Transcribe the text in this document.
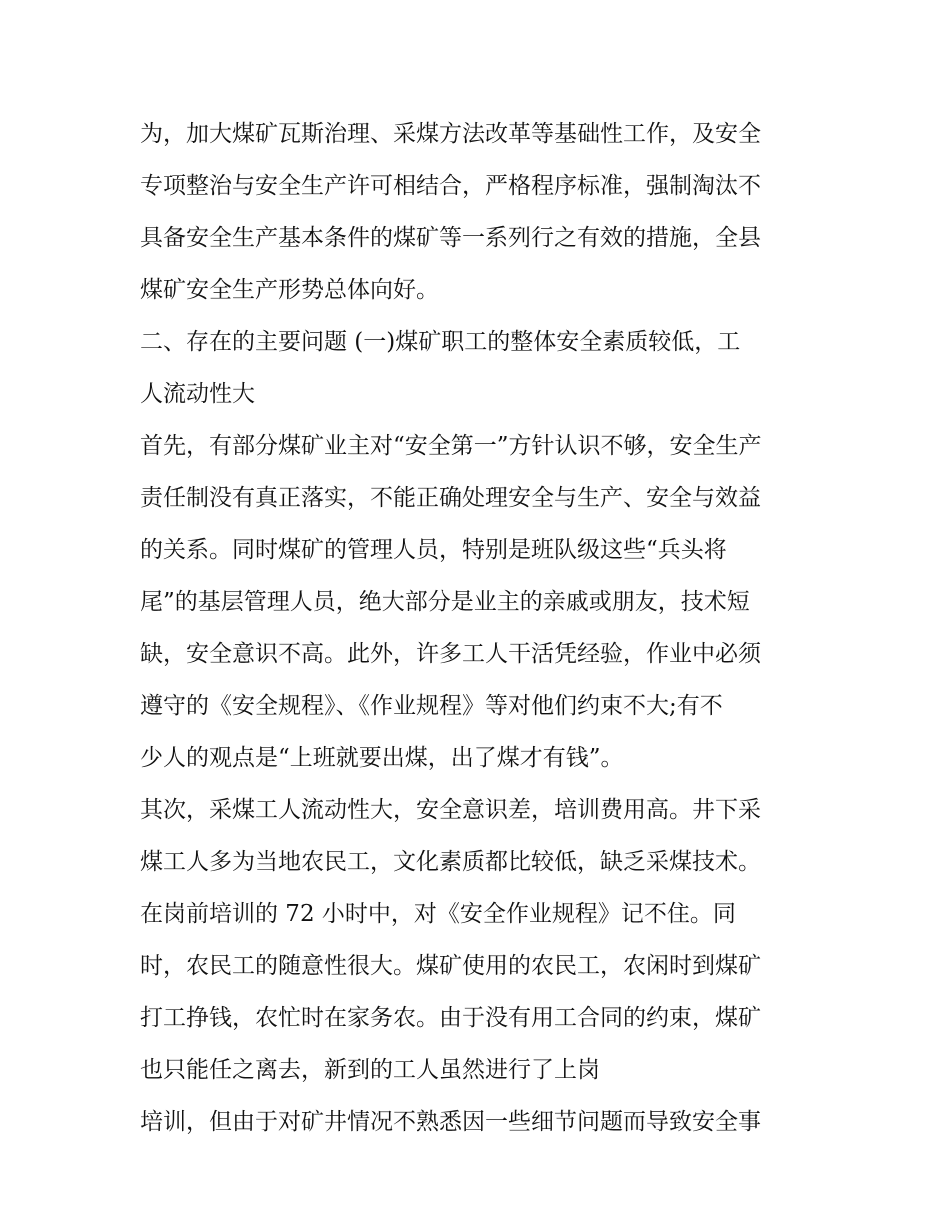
为，加大煤矿瓦斯治理、采煤方法改革等基础性工作，及安全
专项整治与安全生产许可相结合，严格程序标准，强制淘汰不
具备安全生产基本条件的煤矿等一系列行之有效的措施，全县
煤矿安全生产形势总体向好。
二、存在的主要问题 (一)煤矿职工的整体安全素质较低，工
人流动性大
首先，有部分煤矿业主对“安全第一”方针认识不够，安全生产
责任制没有真正落实，不能正确处理安全与生产、安全与效益
的关系。同时煤矿的管理人员，特别是班队级这些“兵头将
尾”的基层管理人员，绝大部分是业主的亲戚或朋友，技术短
缺，安全意识不高。此外，许多工人干活凭经验，作业中必须
遵守的《安全规程》、《作业规程》等对他们约束不大;有不
少人的观点是“上班就要出煤，出了煤才有钱”。
其次，采煤工人流动性大，安全意识差，培训费用高。井下采
煤工人多为当地农民工，文化素质都比较低，缺乏采煤技术。
在岗前培训的 72 小时中，对《安全作业规程》记不住。同
时，农民工的随意性很大。煤矿使用的农民工，农闲时到煤矿
打工挣钱，农忙时在家务农。由于没有用工合同的约束，煤矿
也只能任之离去，新到的工人虽然进行了上岗
培训，但由于对矿井情况不熟悉因一些细节问题而导致安全事
